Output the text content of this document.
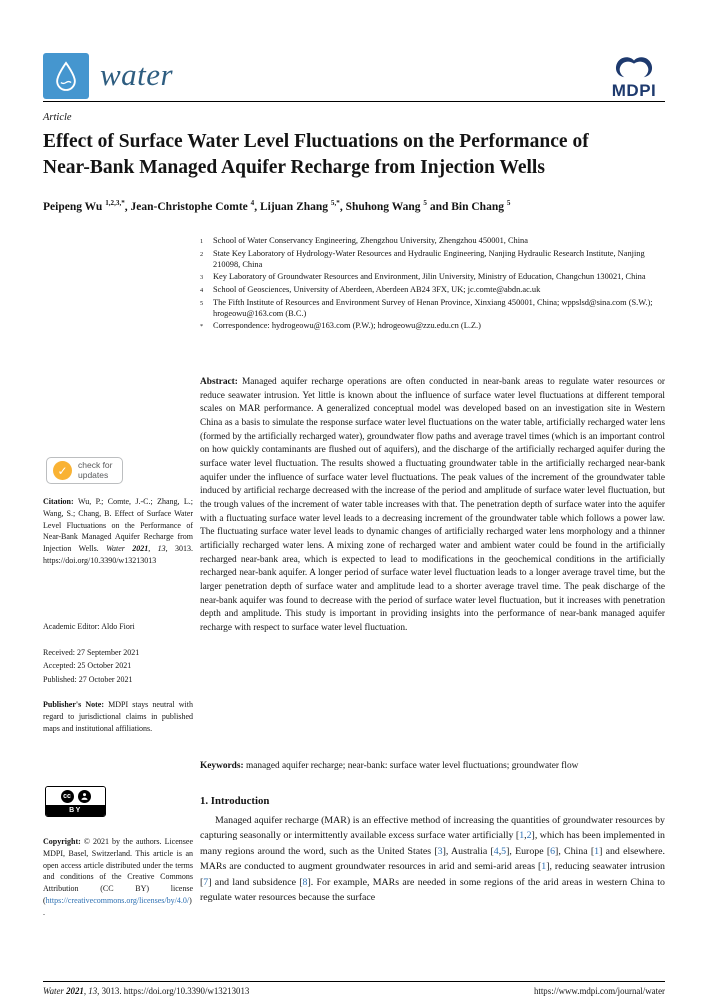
water	MDPI
Article
Effect of Surface Water Level Fluctuations on the Performance of Near-Bank Managed Aquifer Recharge from Injection Wells
Peipeng Wu $^{1,2,3,*}$, Jean-Christophe Comte $^4$, Lijuan Zhang $^{5,*}$, Shuhong Wang $^5$ and Bin Chang $^5$
1	School of Water Conservancy Engineering, Zhengzhou University, Zhengzhou 450001, China
2	State Key Laboratory of Hydrology-Water Resources and Hydraulic Engineering, Nanjing Hydraulic Research Institute, Nanjing 210098, China
3	Key Laboratory of Groundwater Resources and Environment, Jilin University, Ministry of Education, Changchun 130021, China
4	School of Geosciences, University of Aberdeen, Aberdeen AB24 3FX, UK; jc.comte@abdn.ac.uk
5	The Fifth Institute of Resources and Environment Survey of Henan Province, Xinxiang 450001, China; wppslsd@sina.com (S.W.); hrogeowu@163.com (B.C.)
*	Correspondence: hydrogeowu@163.com (P.W.); hdrogeowu@zzu.edu.cn (L.Z.)

Abstract: Managed aquifer recharge operations are often conducted in near-bank areas to regulate water resources or reduce seawater intrusion. Yet little is known about the influence of surface water level fluctuations at different temporal scales on MAR performance. A generalized conceptual model was developed based on an investigation site in Western China as a basis to simulate the response surface water level fluctuations on the water table, artificially recharged water lens (formed by the artificially recharged water), groundwater flow paths and average travel times (which is an important control on how quickly contaminants are flushed out of aquifers), and the discharge of the artificially recharged aquifer during the surface water level fluctuation. The results showed a fluctuating groundwater table in the artificially recharged near-bank aquifer under the influence of surface water level fluctuations. The peak values of the increment of the groundwater table induced by artificial recharge decreased with the increase of the period and amplitude of surface water level fluctuation, but the trough values of the increment of water table increases with that. The penetration depth of surface water into the aquifer with a fluctuating surface water level leads to a decreasing increment of the groundwater table which follows a power law. The fluctuating surface water level leads to dynamic changes of artificially recharged water lens morphology and a thinner artificially recharged water lens. A mixing zone of recharged water and ambient water could be found in the artificially recharged near-bank area, which is expected to lead to modifications in the geochemical conditions in the artificially recharged near-bank aquifer. A longer period of surface water level fluctuation leads to a longer average travel time, but the larger penetration depth of surface water and amplitude lead to a shorter average travel time. The peak discharge of the near-bank aquifer was found to decrease with the period of surface water level fluctuation, but it increases with penetration depth and amplitude. This study is important in providing insights into the performance of near-bank managed aquifer recharge with respect to surface water level fluctuation.

Keywords: managed aquifer recharge; near-bank: surface water level fluctuations; groundwater flow

✓ check for
updates

Citation: Wu, P.; Comte, J.-C.; Zhang, L.; Wang, S.; Chang, B. Effect of Surface Water Level Fluctuations on the Performance of Near-Bank Managed Aquifer Recharge from Injection Wells. Water 2021, 13, 3013. https://doi.org/10.3390/w13213013

Academic Editor: Aldo Fiori

Received: 27 September 2021
Accepted: 25 October 2021
Published: 27 October 2021

Publisher's Note: MDPI stays neutral with regard to jurisdictional claims in published maps and institutional affiliations.

cc
BY

Copyright: © 2021 by the authors. Licensee MDPI, Basel, Switzerland. This article is an open access article distributed under the terms and conditions of the Creative Commons Attribution (CC BY) license (https://creativecommons.org/licenses/by/4.0/).

1. Introduction

Managed aquifer recharge (MAR) is an effective method of increasing the quantities of groundwater resources by capturing seasonally or intermittently available excess surface water artificially [1,2], which has been implemented in many regions around the word, such as the United States [3], Australia [4,5], Europe [6], China [1] and elsewhere. MARs are conducted to augment groundwater resources in arid and semi-arid areas [1], reducing seawater intrusion [7] and land subsidence [8]. For example, MARs are needed in some regions of the arid areas in western China to regulate water resources because the surface

Water 2021, 13, 3013. https://doi.org/10.3390/w13213013	https://www.mdpi.com/journal/water
